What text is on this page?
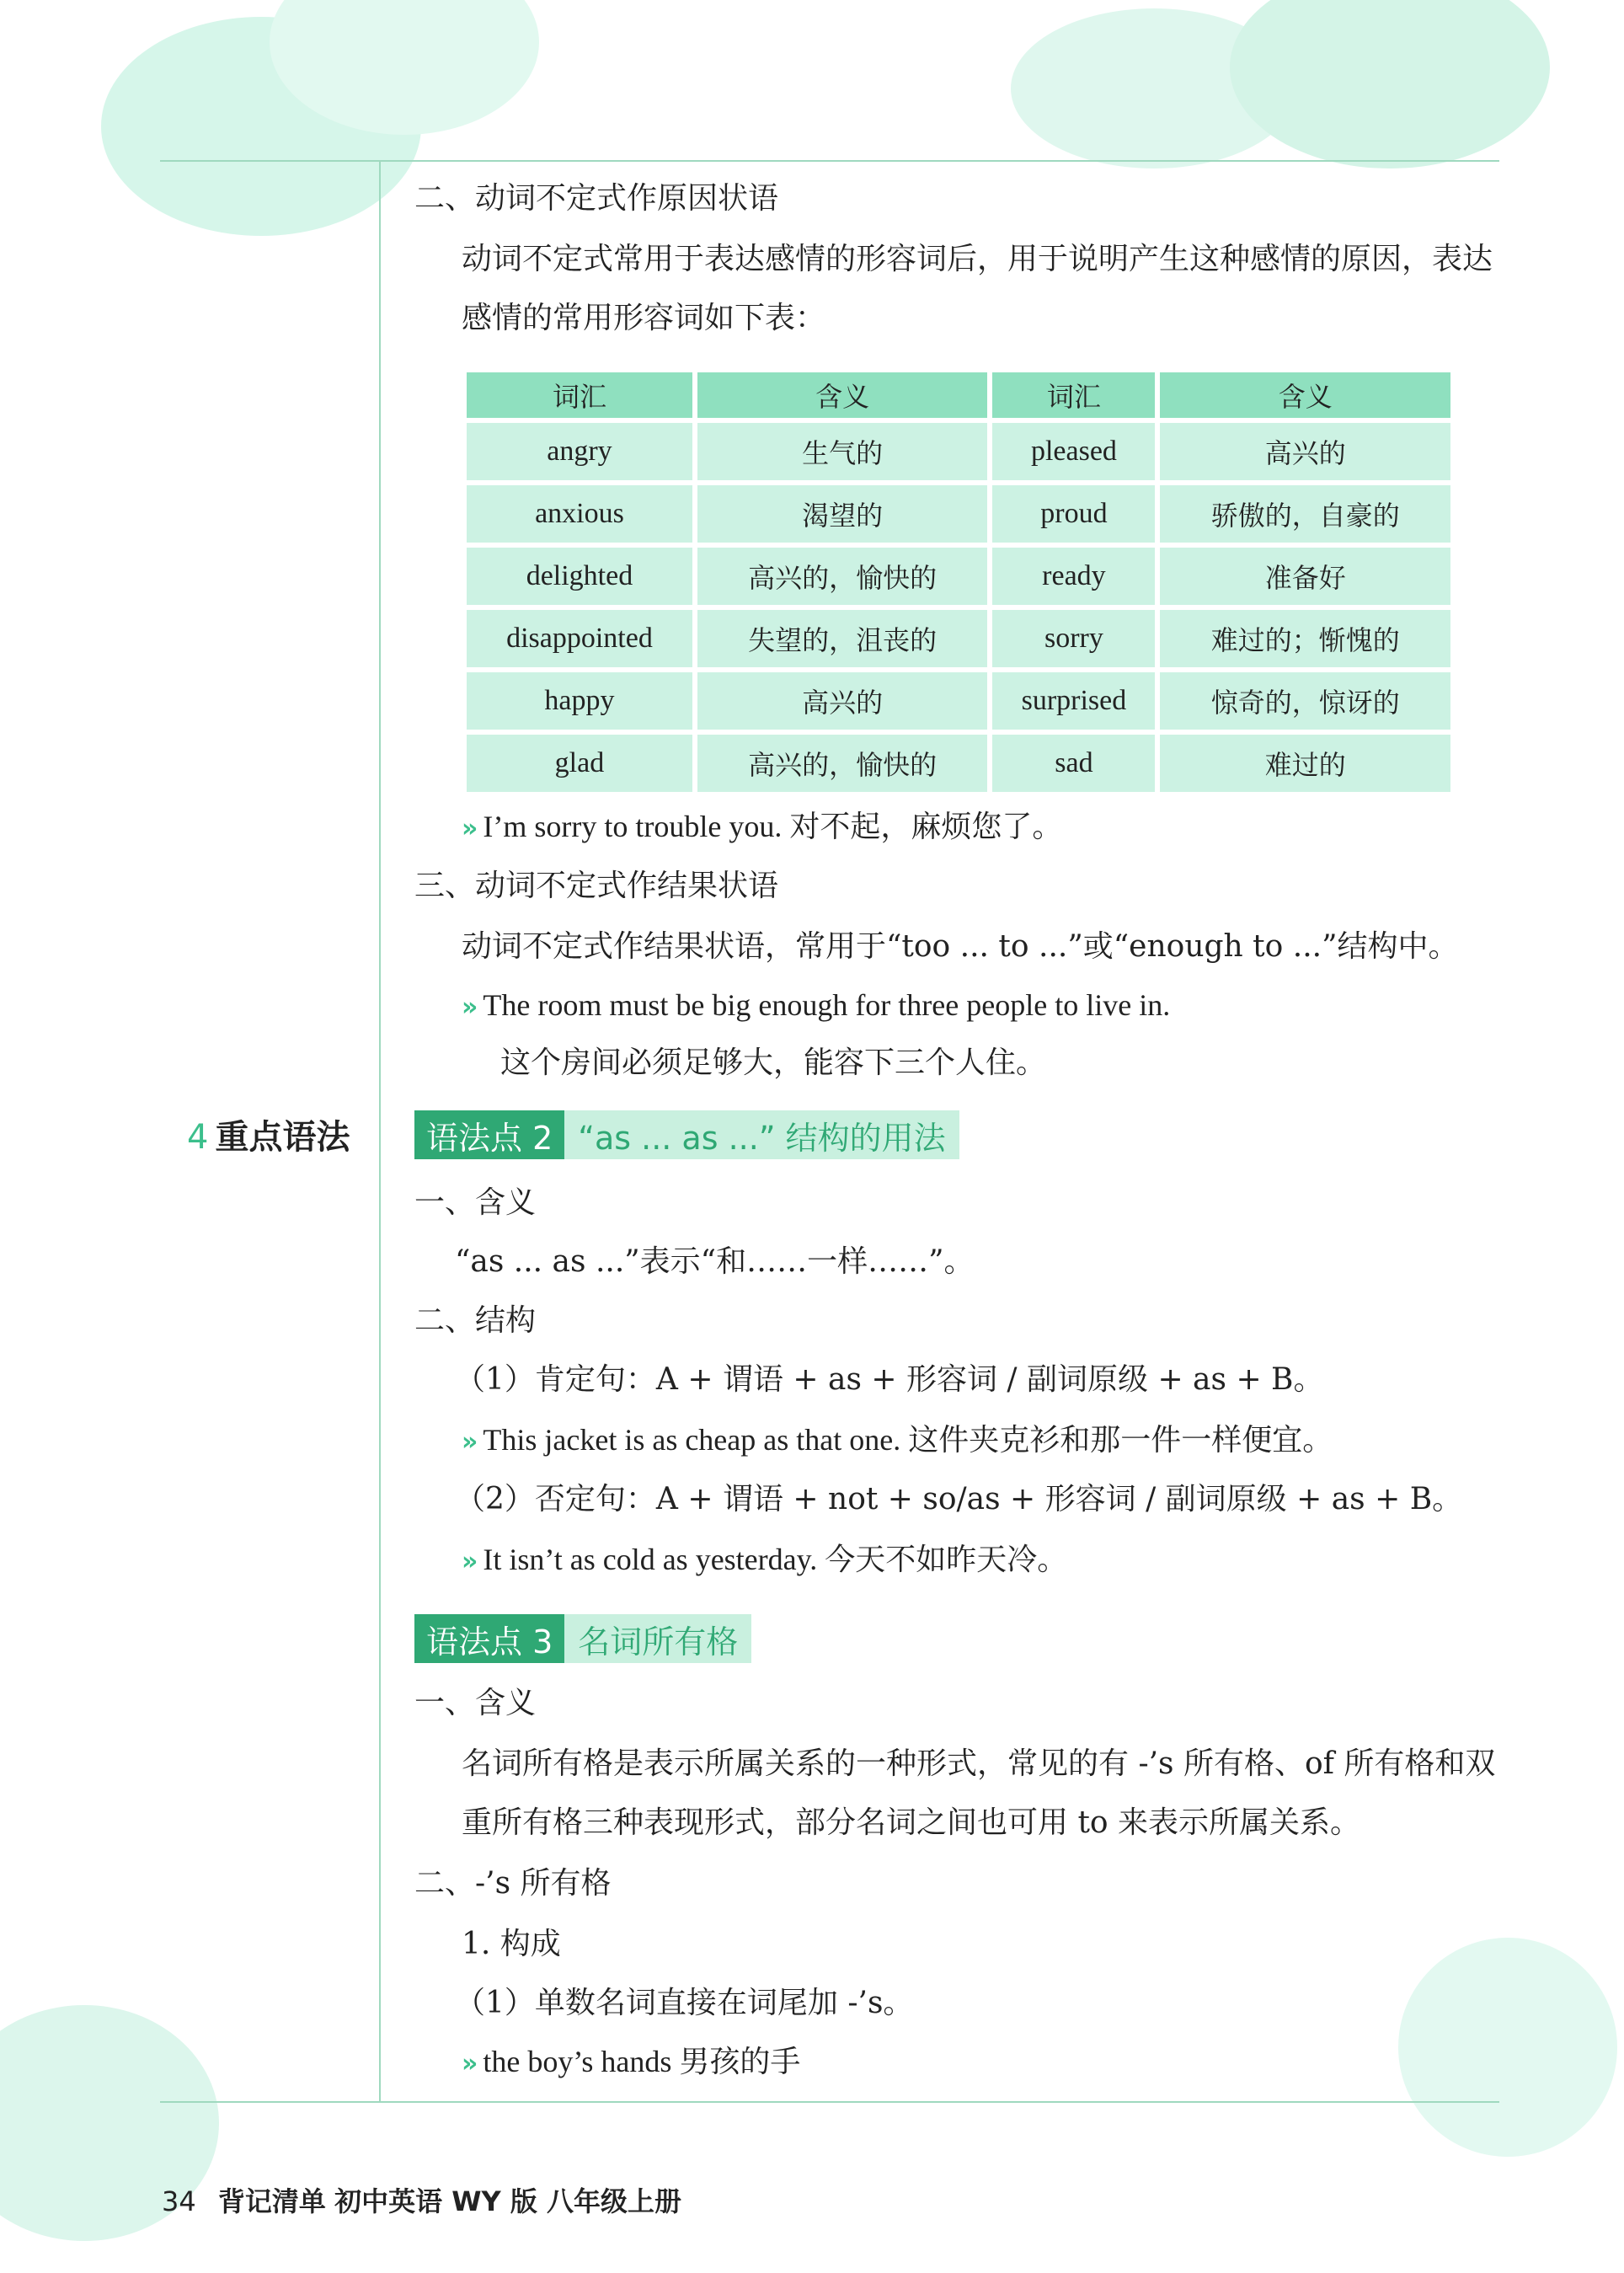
二、动词不定式作原因状语
动词不定式常用于表达感情的形容词后，用于说明产生这种感情的原因，表达
感情的常用形容词如下表：
词汇	含义	词汇	含义
angry	生气的	pleased	高兴的
anxious	渴望的	proud	骄傲的，自豪的
delighted	高兴的，愉快的	ready	准备好
disappointed	失望的，沮丧的	sorry	难过的；惭愧的
happy	高兴的	surprised	惊奇的，惊讶的
glad	高兴的，愉快的	sad	难过的
» I’m sorry to trouble you. 对不起，麻烦您了。
三、动词不定式作结果状语
动词不定式作结果状语，常用于“too ... to ...”或“enough to ...”结构中。
» The room must be big enough for three people to live in.
这个房间必须足够大，能容下三个人住。
4 重点语法	语法点 2 “as ... as ...” 结构的用法
一、含义
“as ... as ...”表示“和……一样……”。
二、结构
（1）肯定句：A + 谓语 + as + 形容词 / 副词原级 + as + B。
» This jacket is as cheap as that one. 这件夹克衫和那一件一样便宜。
（2）否定句：A + 谓语 + not + so/as + 形容词 / 副词原级 + as + B。
» It isn’t as cold as yesterday. 今天不如昨天冷。
语法点 3 名词所有格
一、含义
名词所有格是表示所属关系的一种形式，常见的有 -’s 所有格、of 所有格和双
重所有格三种表现形式，部分名词之间也可用 to 来表示所属关系。
二、-’s 所有格
1. 构成
（1）单数名词直接在词尾加 -’s。
» the boy’s hands 男孩的手
34 背记清单 初中英语 WY 版 八年级上册
